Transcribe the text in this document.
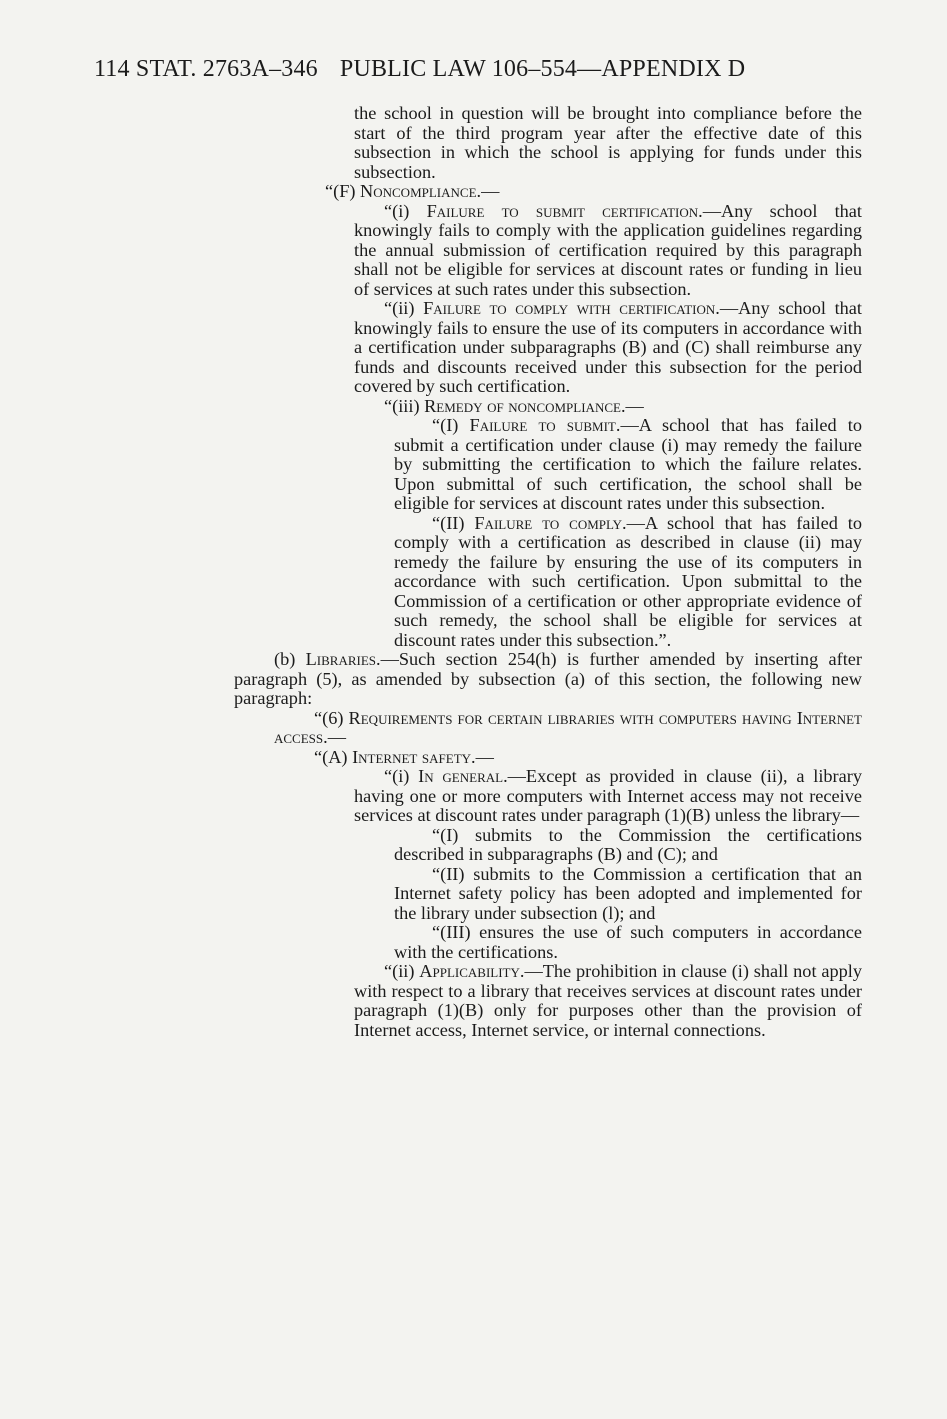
114 STAT. 2763A–346 PUBLIC LAW 106–554—APPENDIX D

the school in question will be brought into compliance before the start of the third program year after the effective date of this subsection in which the school is applying for funds under this subsection.

“(F) Noncompliance.—

“(i) Failure to submit certification.—Any school that knowingly fails to comply with the application guidelines regarding the annual submission of certification required by this paragraph shall not be eligible for services at discount rates or funding in lieu of services at such rates under this subsection.

“(ii) Failure to comply with certification.—Any school that knowingly fails to ensure the use of its computers in accordance with a certification under subparagraphs (B) and (C) shall reimburse any funds and discounts received under this subsection for the period covered by such certification.

“(iii) Remedy of noncompliance.—

“(I) Failure to submit.—A school that has failed to submit a certification under clause (i) may remedy the failure by submitting the certification to which the failure relates. Upon submittal of such certification, the school shall be eligible for services at discount rates under this subsection.

“(II) Failure to comply.—A school that has failed to comply with a certification as described in clause (ii) may remedy the failure by ensuring the use of its computers in accordance with such certification. Upon submittal to the Commission of a certification or other appropriate evidence of such remedy, the school shall be eligible for services at discount rates under this subsection.”.

(b) Libraries.—Such section 254(h) is further amended by inserting after paragraph (5), as amended by subsection (a) of this section, the following new paragraph:

“(6) Requirements for certain libraries with computers having Internet access.—

“(A) Internet safety.—

“(i) In general.—Except as provided in clause (ii), a library having one or more computers with Internet access may not receive services at discount rates under paragraph (1)(B) unless the library—

“(I) submits to the Commission the certifications described in subparagraphs (B) and (C); and

“(II) submits to the Commission a certification that an Internet safety policy has been adopted and implemented for the library under subsection (l); and

“(III) ensures the use of such computers in accordance with the certifications.

“(ii) Applicability.—The prohibition in clause (i) shall not apply with respect to a library that receives services at discount rates under paragraph (1)(B) only for purposes other than the provision of Internet access, Internet service, or internal connections.
